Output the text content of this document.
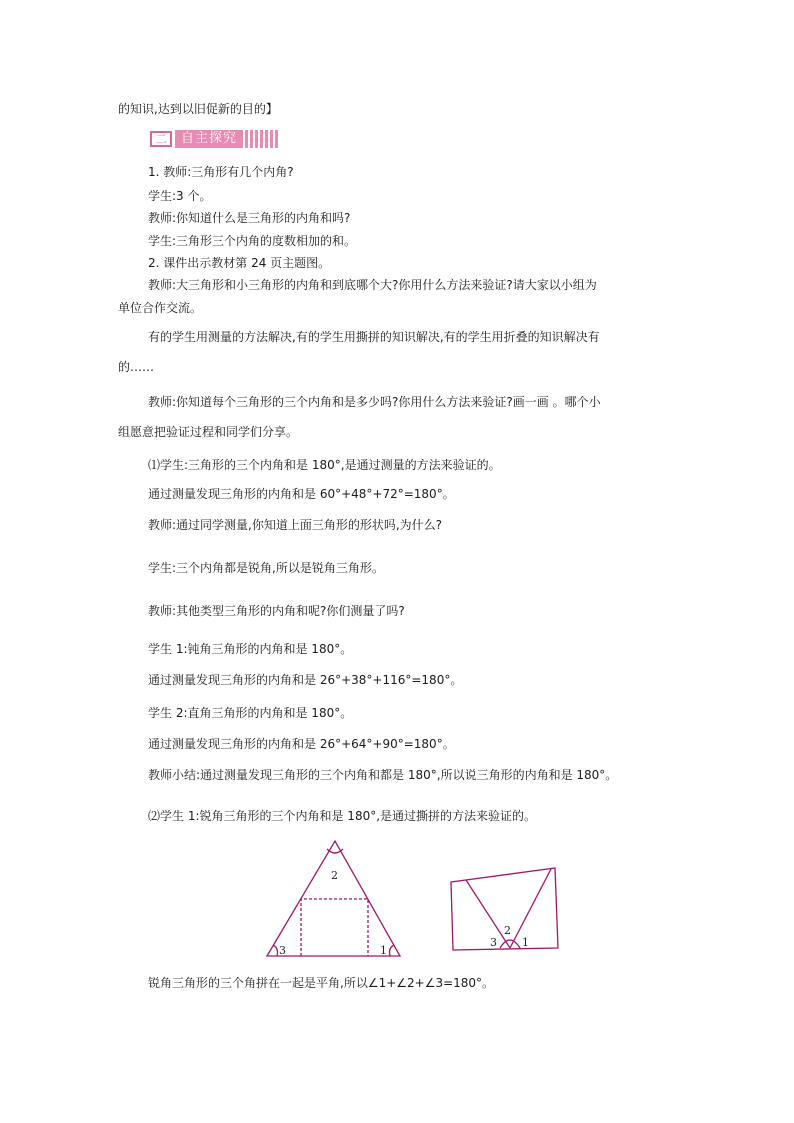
的知识,达到以旧促新的目的】
二	自主探究
1. 教师:三角形有几个内角?
学生:3 个。
教师:你知道什么是三角形的内角和吗?
学生:三角形三个内角的度数相加的和。
2. 课件出示教材第 24 页主题图。
教师:大三角形和小三角形的内角和到底哪个大?你用什么方法来验证?请大家以小组为
单位合作交流。
有的学生用测量的方法解决,有的学生用撕拼的知识解决,有的学生用折叠的知识解决有
的……
教师:你知道每个三角形的三个内角和是多少吗?你用什么方法来验证?画一画 。哪个小
组愿意把验证过程和同学们分享。
⑴学生:三角形的三个内角和是 180°,是通过测量的方法来验证的。
通过测量发现三角形的内角和是 60°+48°+72°=180°。
教师:通过同学测量,你知道上面三角形的形状吗,为什么?
学生:三个内角都是锐角,所以是锐角三角形。
教师:其他类型三角形的内角和呢?你们测量了吗?
学生 1:钝角三角形的内角和是 180°。
通过测量发现三角形的内角和是 26°+38°+116°=180°。
学生 2:直角三角形的内角和是 180°。
通过测量发现三角形的内角和是 26°+64°+90°=180°。
教师小结:通过测量发现三角形的三个内角和都是 180°,所以说三角形的内角和是 180°。
⑵学生 1:锐角三角形的三个内角和是 180°,是通过撕拼的方法来验证的。
2
3	1
3
2
1
锐角三角形的三个角拼在一起是平角,所以∠1+∠2+∠3=180°。
